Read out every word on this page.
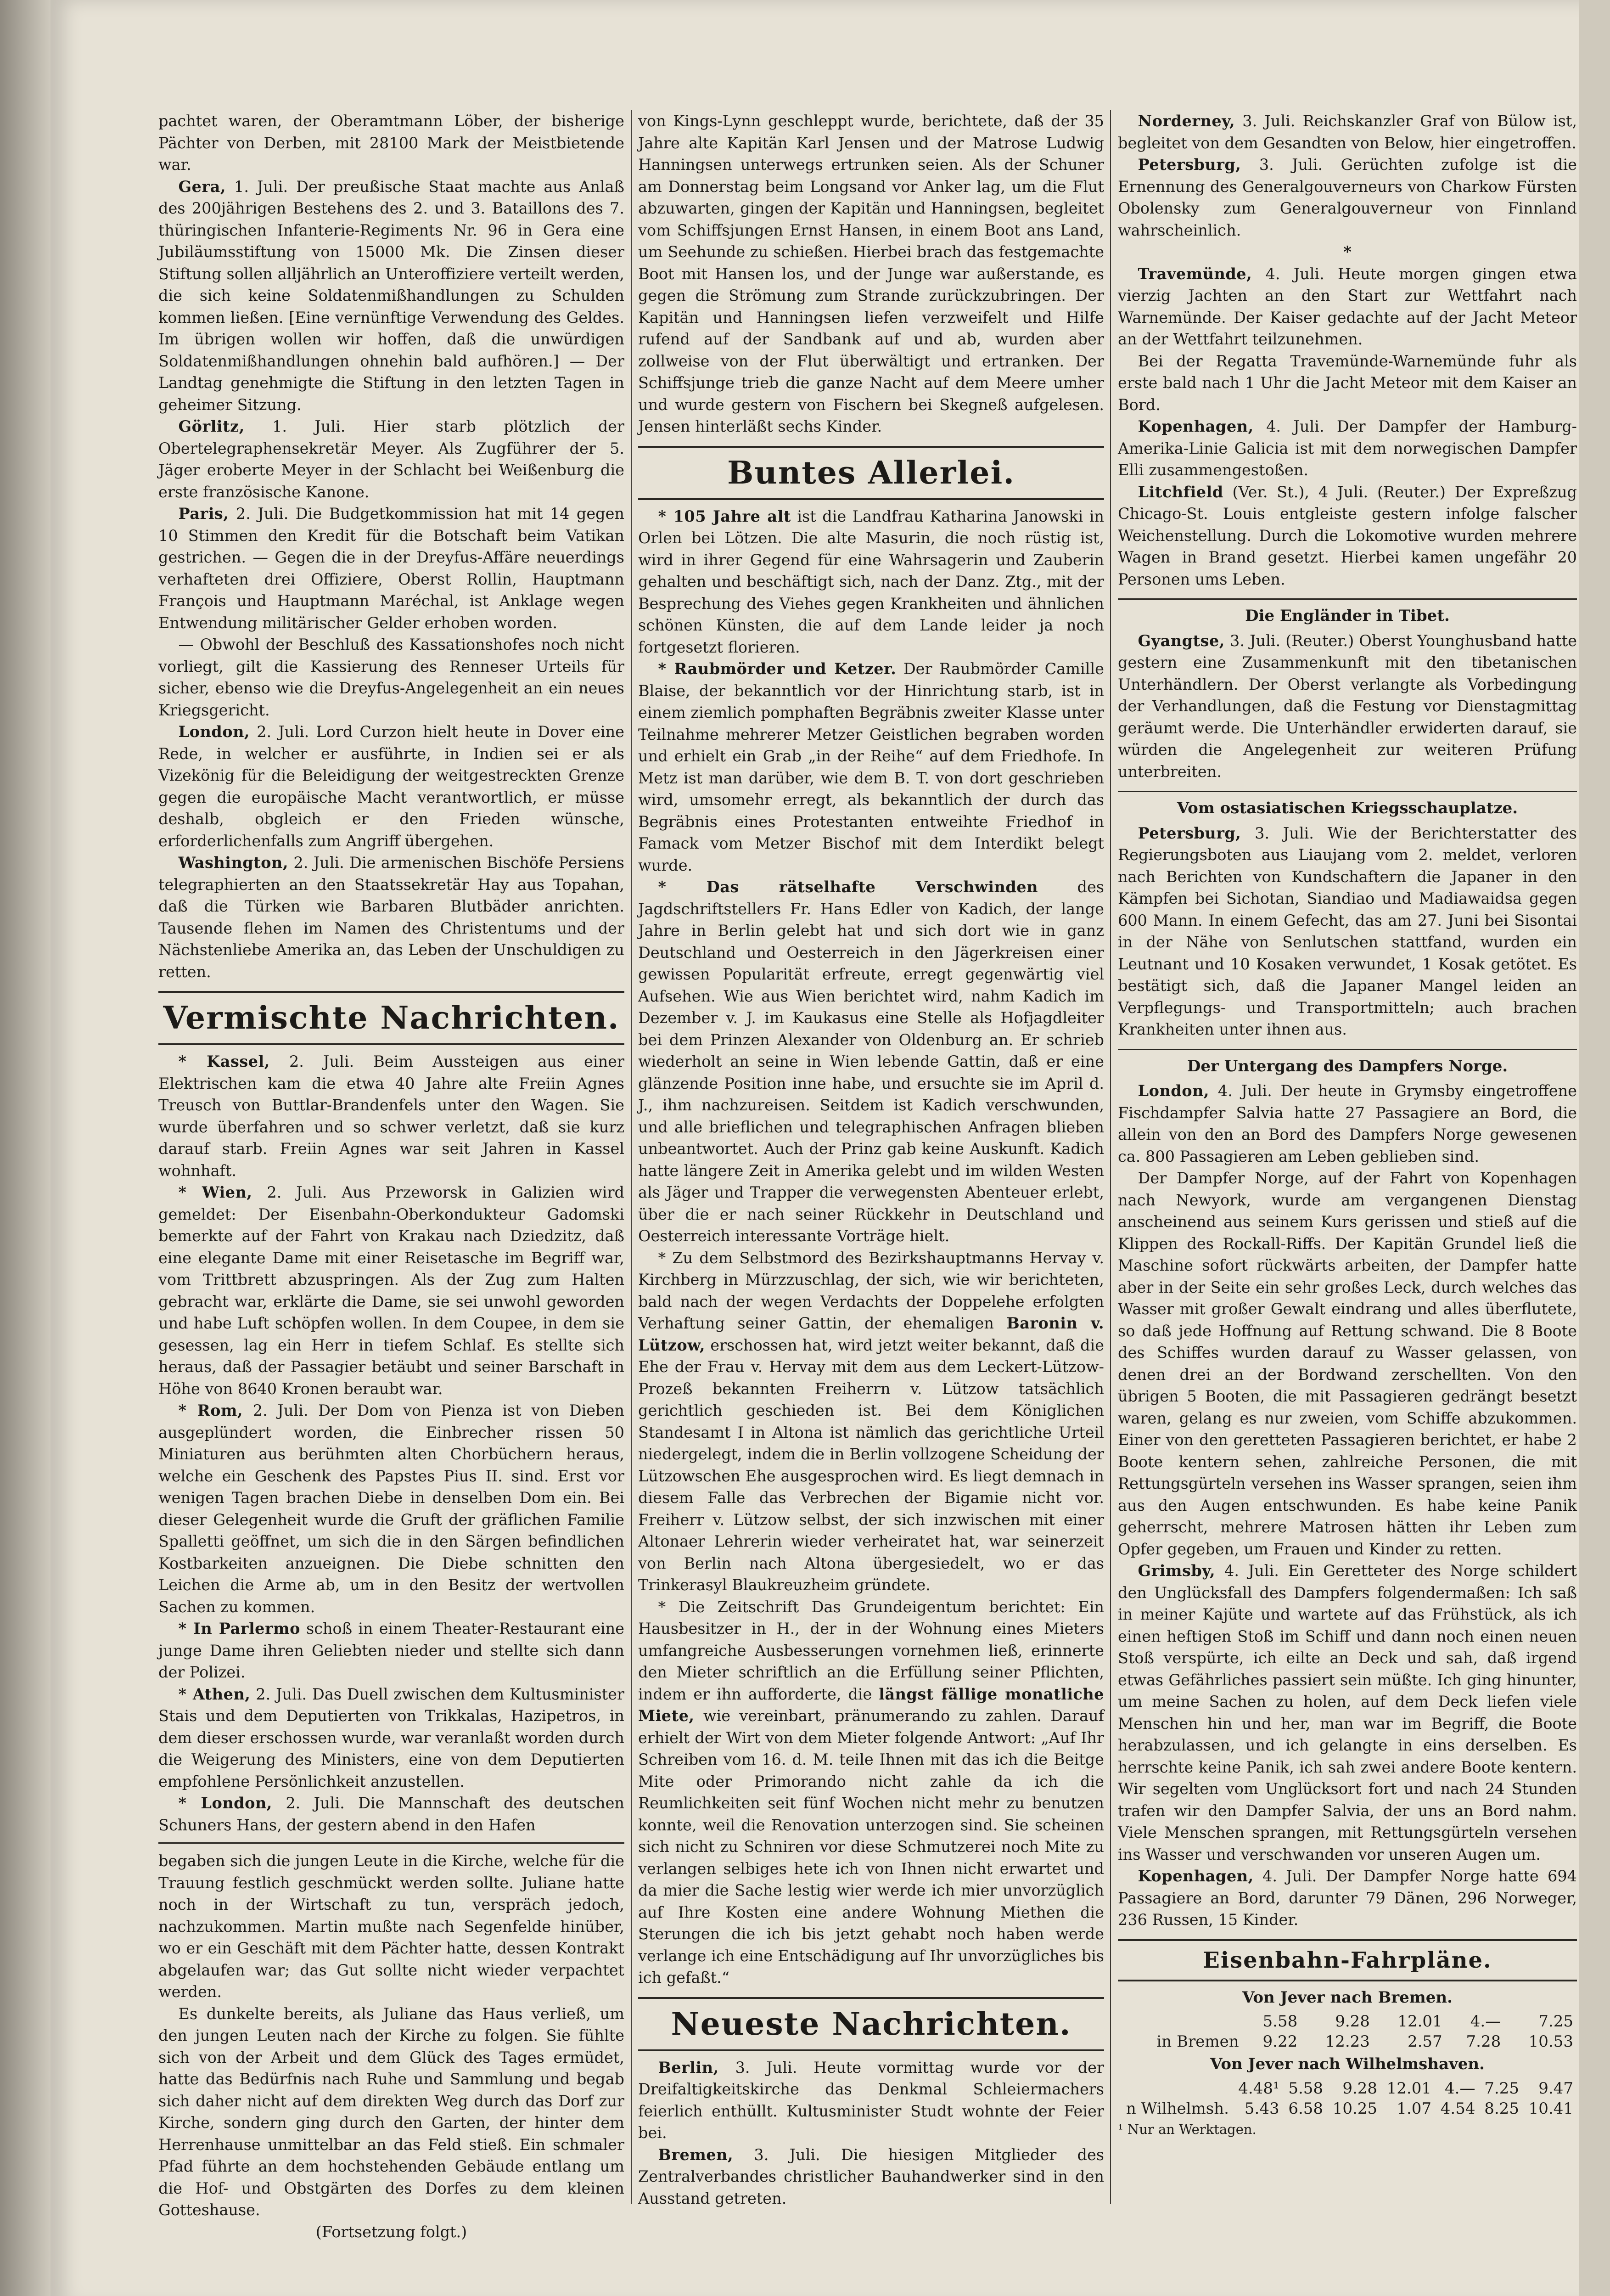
pachtet waren, der Oberamtmann Löber, der bisherige Pächter von Derben, mit 28100 Mark der Meistbietende war.

Gera, 1. Juli. Der preußische Staat machte aus Anlaß des 200jährigen Bestehens des 2. und 3. Bataillons des 7. thüringischen Infanterie-Regiments Nr. 96 in Gera eine Jubiläumsstiftung von 15000 Mk. Die Zinsen dieser Stiftung sollen alljährlich an Unteroffiziere verteilt werden, die sich keine Soldatenmißhandlungen zu Schulden kommen ließen. [Eine vernünftige Verwendung des Geldes. Im übrigen wollen wir hoffen, daß die unwürdigen Soldatenmißhandlungen ohnehin bald aufhören.] — Der Landtag genehmigte die Stiftung in den letzten Tagen in geheimer Sitzung.

Görlitz, 1. Juli. Hier starb plötzlich der Obertelegraphensekretär Meyer. Als Zugführer der 5. Jäger eroberte Meyer in der Schlacht bei Weißenburg die erste französische Kanone.

Paris, 2. Juli. Die Budgetkommission hat mit 14 gegen 10 Stimmen den Kredit für die Botschaft beim Vatikan gestrichen. — Gegen die in der Dreyfus-Affäre neuerdings verhafteten drei Offiziere, Oberst Rollin, Hauptmann François und Hauptmann Maréchal, ist Anklage wegen Entwendung militärischer Gelder erhoben worden.

— Obwohl der Beschluß des Kassationshofes noch nicht vorliegt, gilt die Kassierung des Renneser Urteils für sicher, ebenso wie die Dreyfus-Angelegenheit an ein neues Kriegsgericht.

London, 2. Juli. Lord Curzon hielt heute in Dover eine Rede, in welcher er ausführte, in Indien sei er als Vizekönig für die Beleidigung der weitgestreckten Grenze gegen die europäische Macht verantwortlich, er müsse deshalb, obgleich er den Frieden wünsche, erforderlichenfalls zum Angriff übergehen.

Washington, 2. Juli. Die armenischen Bischöfe Persiens telegraphierten an den Staatssekretär Hay aus Topahan, daß die Türken wie Barbaren Blutbäder anrichten. Tausende flehen im Namen des Christentums und der Nächstenliebe Amerika an, das Leben der Unschuldigen zu retten.

Vermischte Nachrichten.

* Kassel, 2. Juli. Beim Aussteigen aus einer Elektrischen kam die etwa 40 Jahre alte Freiin Agnes Treusch von Buttlar-Brandenfels unter den Wagen. Sie wurde überfahren und so schwer verletzt, daß sie kurz darauf starb. Freiin Agnes war seit Jahren in Kassel wohnhaft.

* Wien, 2. Juli. Aus Przeworsk in Galizien wird gemeldet: Der Eisenbahn-Oberkondukteur Gadomski bemerkte auf der Fahrt von Krakau nach Dziedzitz, daß eine elegante Dame mit einer Reisetasche im Begriff war, vom Trittbrett abzuspringen. Als der Zug zum Halten gebracht war, erklärte die Dame, sie sei unwohl geworden und habe Luft schöpfen wollen. In dem Coupee, in dem sie gesessen, lag ein Herr in tiefem Schlaf. Es stellte sich heraus, daß der Passagier betäubt und seiner Barschaft in Höhe von 8640 Kronen beraubt war.

* Rom, 2. Juli. Der Dom von Pienza ist von Dieben ausgeplündert worden, die Einbrecher rissen 50 Miniaturen aus berühmten alten Chorbüchern heraus, welche ein Geschenk des Papstes Pius II. sind. Erst vor wenigen Tagen brachen Diebe in denselben Dom ein. Bei dieser Gelegenheit wurde die Gruft der gräflichen Familie Spalletti geöffnet, um sich die in den Särgen befindlichen Kostbarkeiten anzueignen. Die Diebe schnitten den Leichen die Arme ab, um in den Besitz der wertvollen Sachen zu kommen.

* In Parlermo schoß in einem Theater-Restaurant eine junge Dame ihren Geliebten nieder und stellte sich dann der Polizei.

* Athen, 2. Juli. Das Duell zwischen dem Kultusminister Stais und dem Deputierten von Trikkalas, Hazipetros, in dem dieser erschossen wurde, war veranlaßt worden durch die Weigerung des Ministers, eine von dem Deputierten empfohlene Persönlichkeit anzustellen.

* London, 2. Juli. Die Mannschaft des deutschen Schuners Hans, der gestern abend in den Hafen

begaben sich die jungen Leute in die Kirche, welche für die Trauung festlich geschmückt werden sollte. Juliane hatte noch in der Wirtschaft zu tun, verspräch jedoch, nachzukommen. Martin mußte nach Segenfelde hinüber, wo er ein Geschäft mit dem Pächter hatte, dessen Kontrakt abgelaufen war; das Gut sollte nicht wieder verpachtet werden.

Es dunkelte bereits, als Juliane das Haus verließ, um den jungen Leuten nach der Kirche zu folgen. Sie fühlte sich von der Arbeit und dem Glück des Tages ermüdet, hatte das Bedürfnis nach Ruhe und Sammlung und begab sich daher nicht auf dem direkten Weg durch das Dorf zur Kirche, sondern ging durch den Garten, der hinter dem Herrenhause unmittelbar an das Feld stieß. Ein schmaler Pfad führte an dem hochstehenden Gebäude entlang um die Hof- und Obstgärten des Dorfes zu dem kleinen Gotteshause.

(Fortsetzung folgt.)

von Kings-Lynn geschleppt wurde, berichtete, daß der 35 Jahre alte Kapitän Karl Jensen und der Matrose Ludwig Hanningsen unterwegs ertrunken seien. Als der Schuner am Donnerstag beim Longsand vor Anker lag, um die Flut abzuwarten, gingen der Kapitän und Hanningsen, begleitet vom Schiffsjungen Ernst Hansen, in einem Boot ans Land, um Seehunde zu schießen. Hierbei brach das festgemachte Boot mit Hansen los, und der Junge war außerstande, es gegen die Strömung zum Strande zurückzubringen. Der Kapitän und Hanningsen liefen verzweifelt und Hilfe rufend auf der Sandbank auf und ab, wurden aber zollweise von der Flut überwältigt und ertranken. Der Schiffsjunge trieb die ganze Nacht auf dem Meere umher und wurde gestern von Fischern bei Skegneß aufgelesen. Jensen hinterläßt sechs Kinder.

Buntes Allerlei.

* 105 Jahre alt ist die Landfrau Katharina Janowski in Orlen bei Lötzen. Die alte Masurin, die noch rüstig ist, wird in ihrer Gegend für eine Wahrsagerin und Zauberin gehalten und beschäftigt sich, nach der Danz. Ztg., mit der Besprechung des Viehes gegen Krankheiten und ähnlichen schönen Künsten, die auf dem Lande leider ja noch fortgesetzt florieren.

* Raubmörder und Ketzer. Der Raubmörder Camille Blaise, der bekanntlich vor der Hinrichtung starb, ist in einem ziemlich pomphaften Begräbnis zweiter Klasse unter Teilnahme mehrerer Metzer Geistlichen begraben worden und erhielt ein Grab „in der Reihe“ auf dem Friedhofe. In Metz ist man darüber, wie dem B. T. von dort geschrieben wird, umsomehr erregt, als bekanntlich der durch das Begräbnis eines Protestanten entweihte Friedhof in Famack vom Metzer Bischof mit dem Interdikt belegt wurde.

* Das rätselhafte Verschwinden	des Jagdschriftstellers Fr. Hans Edler von Kadich, der lange Jahre in Berlin gelebt hat und sich dort wie in ganz Deutschland und Oesterreich in den Jägerkreisen einer gewissen Popularität erfreute, erregt gegenwärtig viel Aufsehen. Wie aus Wien berichtet wird, nahm Kadich im Dezember v. J. im Kaukasus eine Stelle als Hofjagdleiter bei dem Prinzen Alexander von Oldenburg an. Er schrieb wiederholt an seine in Wien lebende Gattin, daß er eine glänzende Position inne habe, und ersuchte sie im April d. J., ihm nachzureisen. Seitdem ist Kadich verschwunden, und alle brieflichen und telegraphischen Anfragen blieben unbeantwortet. Auch der Prinz gab keine Auskunft. Kadich hatte längere Zeit in Amerika gelebt und im wilden Westen als Jäger und Trapper die verwegensten Abenteuer erlebt, über die er nach seiner Rückkehr in Deutschland und Oesterreich interessante Vorträge hielt.

* Zu dem Selbstmord des Bezirkshauptmanns Hervay v. Kirchberg in Mürzzuschlag, der sich, wie wir berichteten, bald nach der wegen Verdachts der Doppelehe erfolgten Verhaftung seiner Gattin, der ehemaligen Baronin v. Lützow, erschossen hat, wird jetzt weiter bekannt, daß die Ehe der Frau v. Hervay mit dem aus dem Leckert-Lützow-Prozeß bekannten Freiherrn v. Lützow tatsächlich gerichtlich geschieden ist. Bei dem Königlichen Standesamt I in Altona ist nämlich das gerichtliche Urteil niedergelegt, indem die in Berlin vollzogene Scheidung der Lützowschen Ehe ausgesprochen wird. Es liegt demnach in diesem Falle das Verbrechen der Bigamie nicht vor. Freiherr v. Lützow selbst, der sich inzwischen mit einer Altonaer Lehrerin wieder verheiratet hat, war seinerzeit von Berlin nach Altona übergesiedelt, wo er das Trinkerasyl Blaukreuzheim gründete.

* Die Zeitschrift Das Grundeigentum berichtet: Ein Hausbesitzer in H., der in der Wohnung eines Mieters umfangreiche Ausbesserungen vornehmen ließ, erinnerte den Mieter schriftlich an die Erfüllung seiner Pflichten, indem er ihn aufforderte, die längst fällige monatliche Miete, wie vereinbart, pränumerando zu zahlen. Darauf erhielt der Wirt von dem Mieter folgende Antwort: „Auf Ihr Schreiben vom 16. d. M. teile Ihnen mit das ich die Beitge Mite oder Primorando nicht zahle da ich die Reumlichkeiten seit fünf Wochen nicht mehr zu benutzen konnte, weil die Renovation unterzogen sind. Sie scheinen sich nicht zu Schniren vor diese Schmutzerei noch Mite zu verlangen selbiges hete ich von Ihnen nicht erwartet und da mier die Sache lestig wier werde ich mier unvorzüglich auf Ihre Kosten eine andere Wohnung Miethen die Sterungen die ich bis jetzt gehabt noch haben werde verlange ich eine Entschädigung auf Ihr unvorzügliches bis ich gefaßt.“

Neueste Nachrichten.

Berlin, 3. Juli. Heute vormittag wurde vor der Dreifaltigkeitskirche das Denkmal Schleiermachers feierlich enthüllt. Kultusminister Studt wohnte der Feier bei.

Bremen, 3. Juli. Die hiesigen Mitglieder des Zentralverbandes christlicher Bauhandwerker sind in den Ausstand getreten.

Norderney, 3. Juli. Reichskanzler Graf von Bülow ist, begleitet von dem Gesandten von Below, hier eingetroffen.

Petersburg, 3. Juli. Gerüchten zufolge ist die Ernennung des Generalgouverneurs von Charkow Fürsten Obolensky zum Generalgouverneur von Finnland wahrscheinlich.

*

Travemünde, 4. Juli. Heute morgen gingen etwa vierzig Jachten an den Start zur Wettfahrt nach Warnemünde. Der Kaiser gedachte auf der Jacht Meteor an der Wettfahrt teilzunehmen.

Bei der Regatta Travemünde-Warnemünde fuhr als erste bald nach 1 Uhr die Jacht Meteor mit dem Kaiser an Bord.

Kopenhagen, 4. Juli. Der Dampfer der Hamburg-Amerika-Linie Galicia ist mit dem norwegischen Dampfer Elli zusammengestoßen.

Litchfield (Ver. St.), 4 Juli. (Reuter.) Der Expreßzug Chicago-St. Louis entgleiste gestern infolge falscher Weichenstellung. Durch die Lokomotive wurden mehrere Wagen in Brand gesetzt. Hierbei kamen ungefähr 20 Personen ums Leben.

Die Engländer in Tibet.

Gyangtse, 3. Juli. (Reuter.) Oberst Younghusband hatte gestern eine Zusammenkunft mit den tibetanischen Unterhändlern. Der Oberst verlangte als Vorbedingung der Verhandlungen, daß die Festung vor Dienstagmittag geräumt werde. Die Unterhändler erwiderten darauf, sie würden die Angelegenheit zur weiteren Prüfung unterbreiten.

Vom ostasiatischen Kriegsschauplatze.

Petersburg, 3. Juli. Wie der Berichterstatter des Regierungsboten aus Liaujang vom 2. meldet, verloren nach Berichten von Kundschaftern die Japaner in den Kämpfen bei Sichotan, Siandiao und Madiawaidsa gegen 600 Mann. In einem Gefecht, das am 27. Juni bei Sisontai in der Nähe von Senlutschen stattfand, wurden ein Leutnant und 10 Kosaken verwundet, 1 Kosak getötet. Es bestätigt sich, daß die Japaner Mangel leiden an Verpflegungs- und Transportmitteln; auch brachen Krankheiten unter ihnen aus.

Der Untergang des Dampfers Norge.

London, 4. Juli. Der heute in Grymsby eingetroffene Fischdampfer Salvia hatte 27 Passagiere an Bord, die allein von den an Bord des Dampfers Norge gewesenen ca. 800 Passagieren am Leben geblieben sind.

Der Dampfer Norge, auf der Fahrt von Kopenhagen nach Newyork, wurde am vergangenen Dienstag anscheinend aus seinem Kurs gerissen und stieß auf die Klippen des Rockall-Riffs. Der Kapitän Grundel ließ die Maschine sofort rückwärts arbeiten, der Dampfer hatte aber in der Seite ein sehr großes Leck, durch welches das Wasser mit großer Gewalt eindrang und alles überflutete, so daß jede Hoffnung auf Rettung schwand. Die 8 Boote des Schiffes wurden darauf zu Wasser gelassen, von denen drei an der Bordwand zerschellten. Von den übrigen 5 Booten, die mit Passagieren gedrängt besetzt waren, gelang es nur zweien, vom Schiffe abzukommen. Einer von den geretteten Passagieren berichtet, er habe 2 Boote kentern sehen, zahlreiche Personen, die mit Rettungsgürteln versehen ins Wasser sprangen, seien ihm aus den Augen entschwunden. Es habe keine Panik geherrscht, mehrere Matrosen hätten ihr Leben zum Opfer gegeben, um Frauen und Kinder zu retten.

Grimsby, 4. Juli. Ein Geretteter des Norge schildert den Unglücksfall des Dampfers folgendermaßen: Ich saß in meiner Kajüte und wartete auf das Frühstück, als ich einen heftigen Stoß im Schiff und dann noch einen neuen Stoß verspürte, ich eilte an Deck und sah, daß irgend etwas Gefährliches passiert sein müßte. Ich ging hinunter, um meine Sachen zu holen, auf dem Deck liefen viele Menschen hin und her, man war im Begriff, die Boote herabzulassen, und ich gelangte in eins derselben. Es herrschte keine Panik, ich sah zwei andere Boote kentern. Wir segelten vom Unglücksort fort und nach 24 Stunden trafen wir den Dampfer Salvia, der uns an Bord nahm. Viele Menschen sprangen, mit Rettungsgürteln versehen ins Wasser und verschwanden vor unseren Augen um.

Kopenhagen, 4. Juli. Der Dampfer Norge hatte 694 Passagiere an Bord, darunter 79 Dänen, 296 Norweger, 236 Russen, 15 Kinder.

Eisenbahn-Fahrpläne.
Von Jever nach Bremen.
	5.58	9.28	12.01	4.—	7.25
in Bremen	9.22	12.23	2.57	7.28	10.53
Von Jever nach Wilhelmshaven.
	4.48¹	5.58	9.28	12.01	4.—	7.25	9.47
n Wilhelmsh.	5.43	6.58	10.25	1.07	4.54	8.25	10.41
¹ Nur an Werktagen.
